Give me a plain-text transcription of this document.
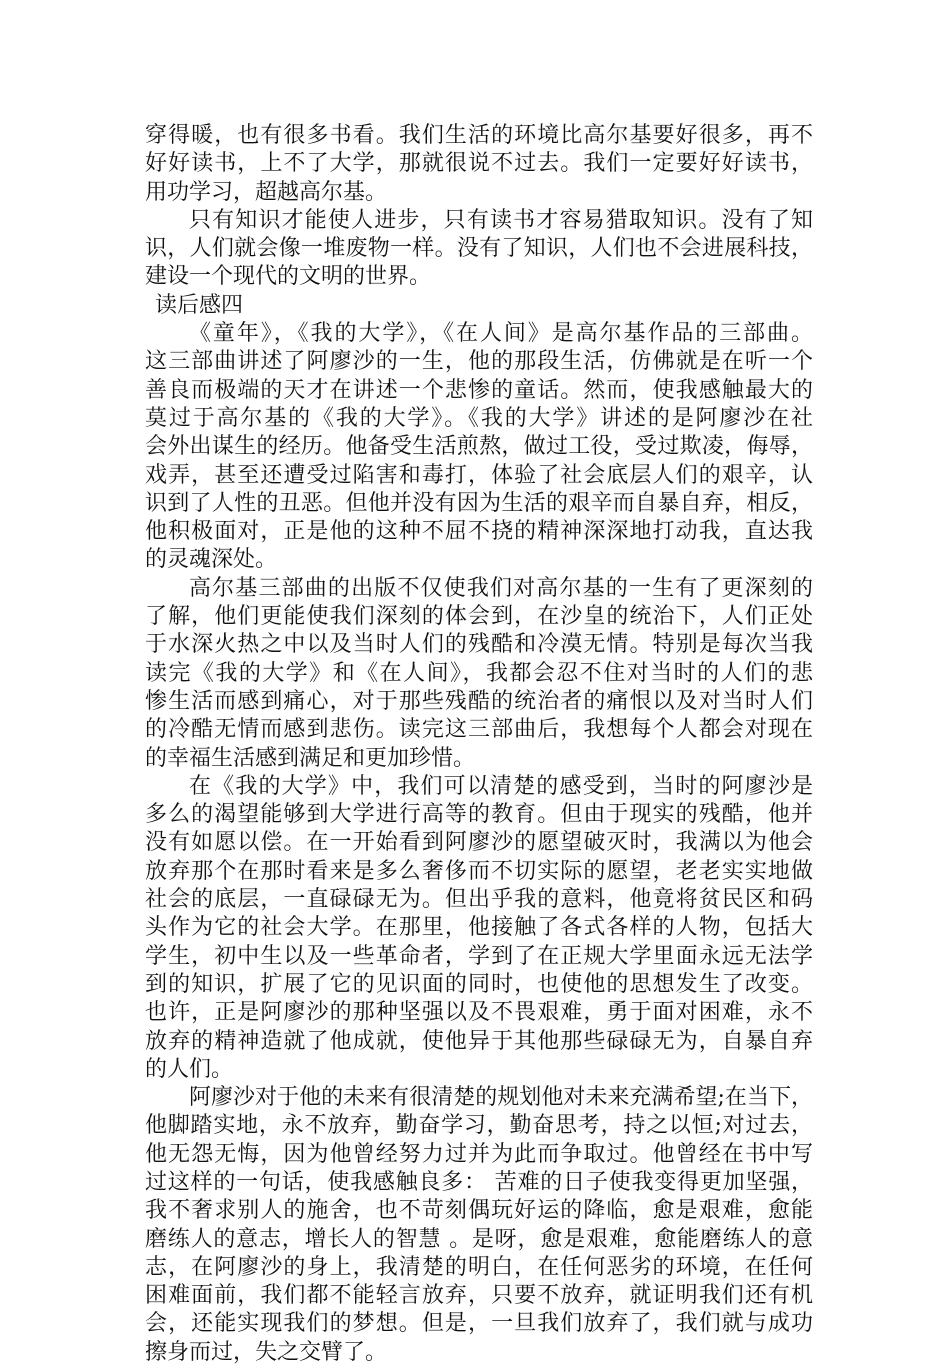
穿得暖，也有很多书看。我们生活的环境比高尔基要好很多，再不
好好读书，上不了大学，那就很说不过去。我们一定要好好读书，
用功学习，超越高尔基。
只有知识才能使人进步，只有读书才容易猎取知识。没有了知
识，人们就会像一堆废物一样。没有了知识，人们也不会进展科技，
建设一个现代的文明的世界。
读后感四
《童年》，《我的大学》，《在人间》是高尔基作品的三部曲。
这三部曲讲述了阿廖沙的一生，他的那段生活，仿佛就是在听一个
善良而极端的天才在讲述一个悲惨的童话。然而，使我感触最大的
莫过于高尔基的《我的大学》。《我的大学》讲述的是阿廖沙在社
会外出谋生的经历。他备受生活煎熬，做过工役，受过欺凌，侮辱，
戏弄，甚至还遭受过陷害和毒打，体验了社会底层人们的艰辛，认
识到了人性的丑恶。但他并没有因为生活的艰辛而自暴自弃，相反，
他积极面对，正是他的这种不屈不挠的精神深深地打动我，直达我
的灵魂深处。
高尔基三部曲的出版不仅使我们对高尔基的一生有了更深刻的
了解，他们更能使我们深刻的体会到，在沙皇的统治下，人们正处
于水深火热之中以及当时人们的残酷和冷漠无情。特别是每次当我
读完《我的大学》和《在人间》，我都会忍不住对当时的人们的悲
惨生活而感到痛心，对于那些残酷的统治者的痛恨以及对当时人们
的冷酷无情而感到悲伤。读完这三部曲后，我想每个人都会对现在
的幸福生活感到满足和更加珍惜。
在《我的大学》中，我们可以清楚的感受到，当时的阿廖沙是
多么的渴望能够到大学进行高等的教育。但由于现实的残酷，他并
没有如愿以偿。在一开始看到阿廖沙的愿望破灭时，我满以为他会
放弃那个在那时看来是多么奢侈而不切实际的愿望，老老实实地做
社会的底层，一直碌碌无为。但出乎我的意料，他竟将贫民区和码
头作为它的社会大学。在那里，他接触了各式各样的人物，包括大
学生，初中生以及一些革命者，学到了在正规大学里面永远无法学
到的知识，扩展了它的见识面的同时，也使他的思想发生了改变。
也许，正是阿廖沙的那种坚强以及不畏艰难，勇于面对困难，永不
放弃的精神造就了他成就，使他异于其他那些碌碌无为，自暴自弃
的人们。
阿廖沙对于他的未来有很清楚的规划他对未来充满希望;在当下，
他脚踏实地，永不放弃，勤奋学习，勤奋思考，持之以恒;对过去，
他无怨无悔，因为他曾经努力过并为此而争取过。他曾经在书中写
过这样的一句话，使我感触良多： 苦难的日子使我变得更加坚强，
我不奢求别人的施舍，也不苛刻偶玩好运的降临，愈是艰难，愈能
磨练人的意志，增长人的智慧 。是呀，愈是艰难，愈能磨练人的意
志，在阿廖沙的身上，我清楚的明白，在任何恶劣的环境，在任何
困难面前，我们都不能轻言放弃，只要不放弃，就证明我们还有机
会，还能实现我们的梦想。但是，一旦我们放弃了，我们就与成功
擦身而过，失之交臂了。
